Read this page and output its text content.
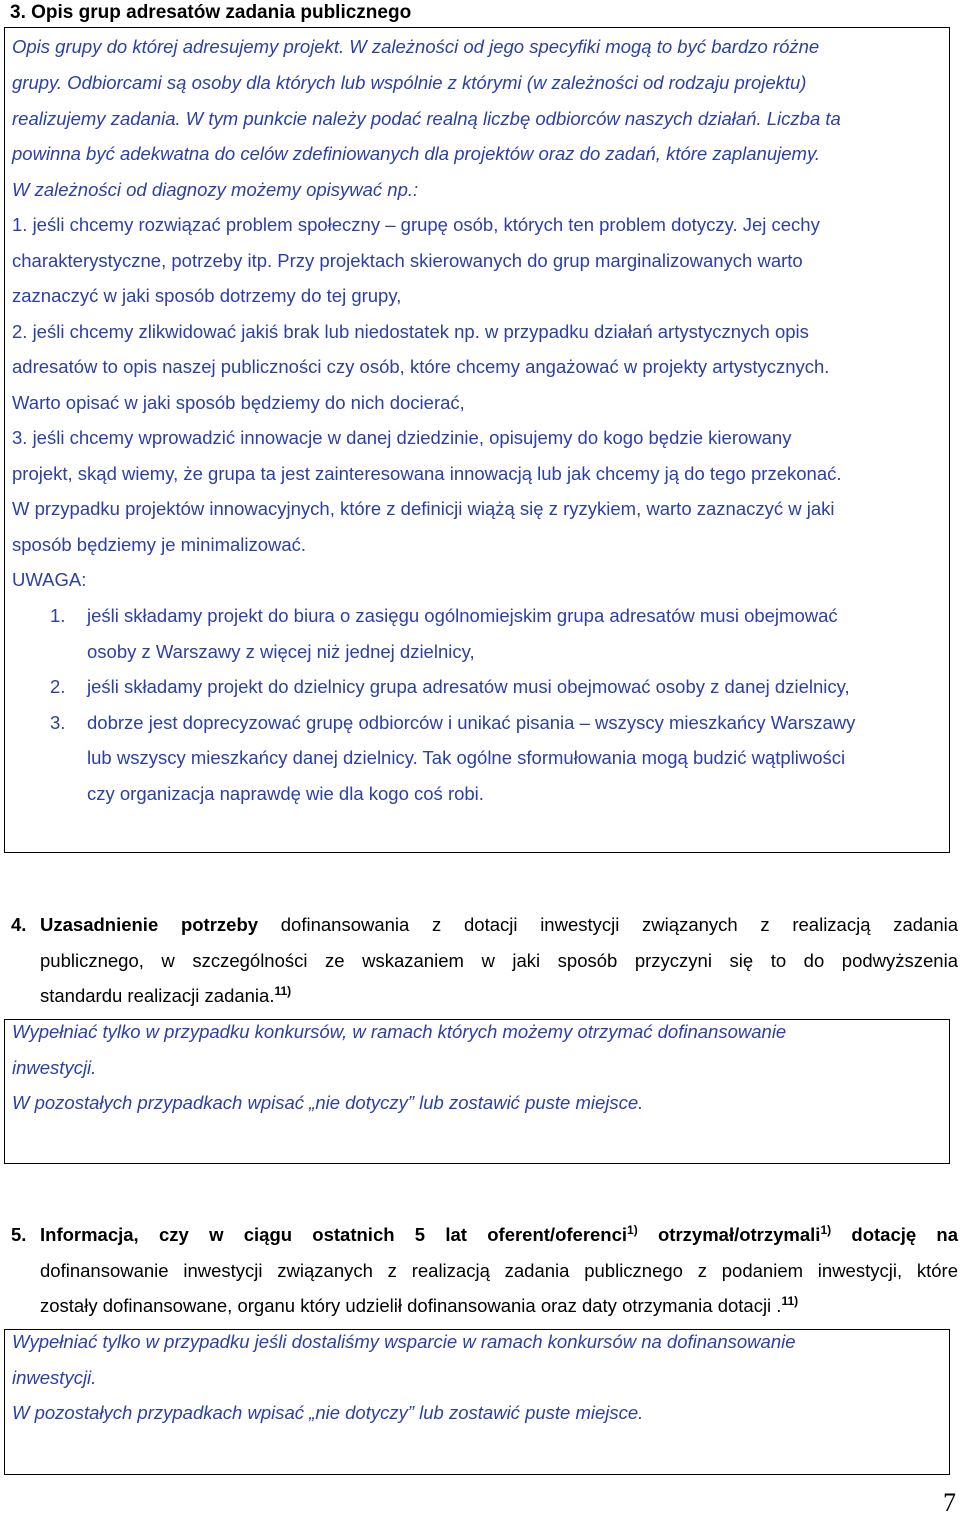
3. Opis grup adresatów zadania publicznego
Opis grupy do której adresujemy projekt. W zależności od jego specyfiki mogą to być bardzo różne
grupy. Odbiorcami są osoby dla których lub wspólnie z którymi (w zależności od rodzaju projektu)
realizujemy zadania. W tym punkcie należy podać realną liczbę odbiorców naszych działań. Liczba ta
powinna być adekwatna do celów zdefiniowanych dla projektów oraz do zadań, które zaplanujemy.
W zależności od diagnozy możemy opisywać np.:
1. jeśli chcemy rozwiązać problem społeczny – grupę osób, których ten problem dotyczy. Jej cechy
charakterystyczne, potrzeby itp. Przy projektach skierowanych do grup marginalizowanych warto
zaznaczyć w jaki sposób dotrzemy do tej grupy,
2. jeśli chcemy zlikwidować jakiś brak lub niedostatek np. w przypadku działań artystycznych opis
adresatów to opis naszej publiczności czy osób, które chcemy angażować w projekty artystycznych.
Warto opisać w jaki sposób będziemy do nich docierać,
3. jeśli chcemy wprowadzić innowacje w danej dziedzinie, opisujemy do kogo będzie kierowany
projekt, skąd wiemy, że grupa ta jest zainteresowana innowacją lub jak chcemy ją do tego przekonać.
W przypadku projektów innowacyjnych, które z definicji wiążą się z ryzykiem, warto zaznaczyć w jaki
sposób będziemy je minimalizować.
UWAGA:
1. jeśli składamy projekt do biura o zasięgu ogólnomiejskim grupa adresatów musi obejmować
osoby z Warszawy z więcej niż jednej dzielnicy,
2. jeśli składamy projekt do dzielnicy grupa adresatów musi obejmować osoby z danej dzielnicy,
3. dobrze jest doprecyzować grupę odbiorców i unikać pisania – wszyscy mieszkańcy Warszawy
lub wszyscy mieszkańcy danej dzielnicy. Tak ogólne sformułowania mogą budzić wątpliwości
czy organizacja naprawdę wie dla kogo coś robi.
4. Uzasadnienie potrzeby dofinansowania z dotacji inwestycji związanych z realizacją zadania
publicznego, w szczególności ze wskazaniem w jaki sposób przyczyni się to do podwyższenia
standardu realizacji zadania.$^{11)}$
Wypełniać tylko w przypadku konkursów, w ramach których możemy otrzymać dofinansowanie
inwestycji.
W pozostałych przypadkach wpisać „nie dotyczy” lub zostawić puste miejsce.
5. Informacja, czy w ciągu ostatnich 5 lat oferent/oferenci$^{1)}$ otrzymał/otrzymali$^{1)}$ dotację na
dofinansowanie inwestycji związanych z realizacją zadania publicznego z podaniem inwestycji, które
zostały dofinansowane, organu który udzielił dofinansowania oraz daty otrzymania dotacji .$^{11)}$
Wypełniać tylko w przypadku jeśli dostaliśmy wsparcie w ramach konkursów na dofinansowanie
inwestycji.
W pozostałych przypadkach wpisać „nie dotyczy” lub zostawić puste miejsce.
7
